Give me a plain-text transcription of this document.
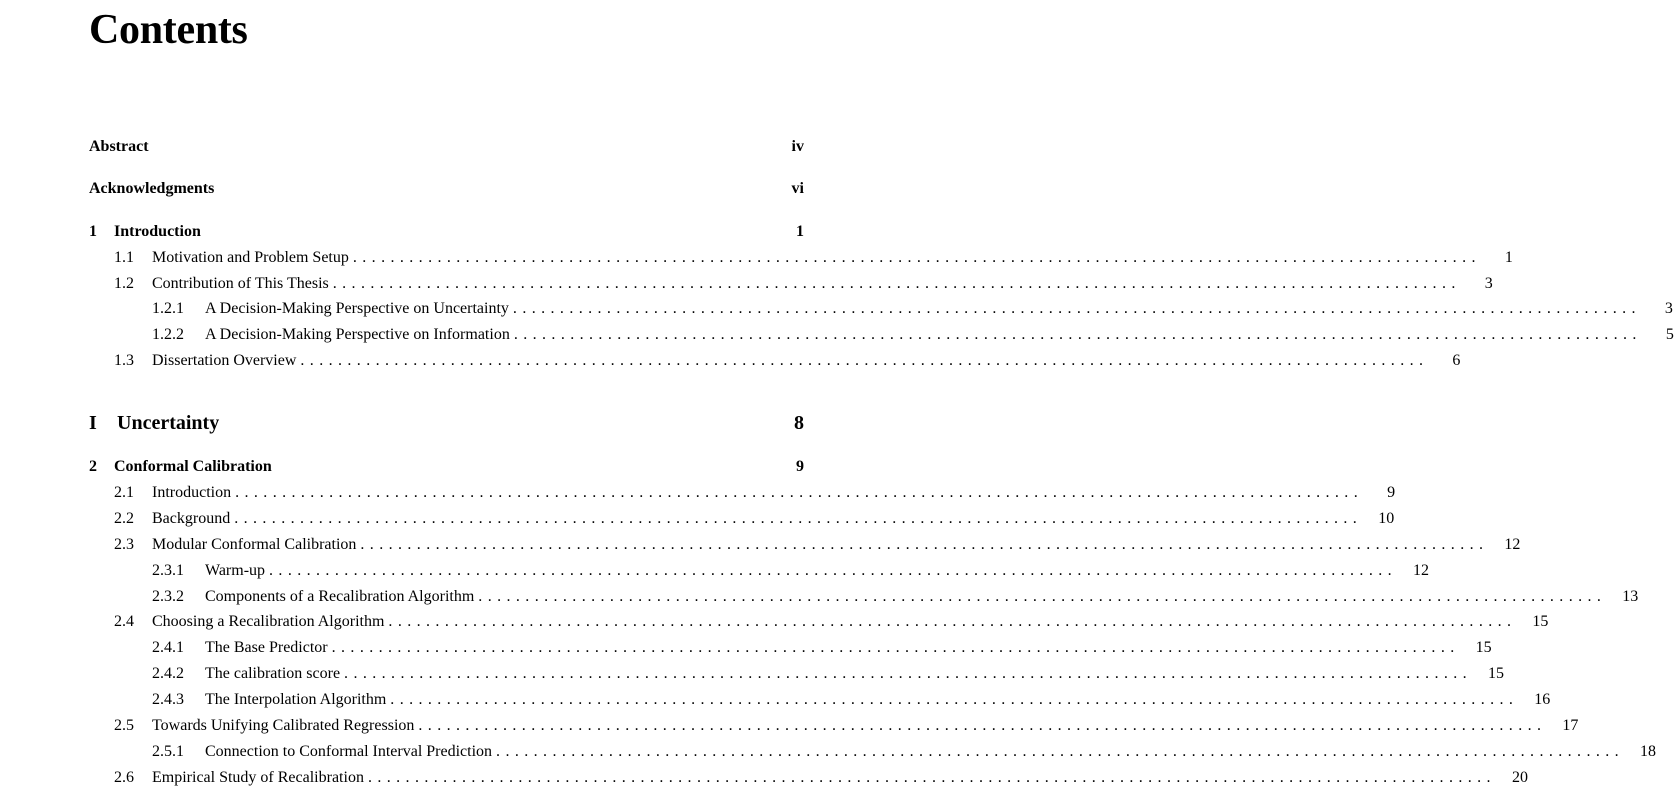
Contents
Abstract	iv
Acknowledgments	vi
1	Introduction	1
1.1	Motivation and Problem Setup ........................................................................................................................	1
1.2	Contribution of This Thesis ........................................................................................................................	3
1.2.1	A Decision-Making Perspective on Uncertainty ........................................................................................................................	3
1.2.2	A Decision-Making Perspective on Information ........................................................................................................................	5
1.3	Dissertation Overview ........................................................................................................................	6
I	Uncertainty	8
2	Conformal Calibration	9
2.1	Introduction ........................................................................................................................	9
2.2	Background ........................................................................................................................	10
2.3	Modular Conformal Calibration ........................................................................................................................	12
2.3.1	Warm-up ........................................................................................................................	12
2.3.2	Components of a Recalibration Algorithm ........................................................................................................................	13
2.4	Choosing a Recalibration Algorithm ........................................................................................................................	15
2.4.1	The Base Predictor ........................................................................................................................	15
2.4.2	The calibration score ........................................................................................................................	15
2.4.3	The Interpolation Algorithm ........................................................................................................................	16
2.5	Towards Unifying Calibrated Regression ........................................................................................................................	17
2.5.1	Connection to Conformal Interval Prediction ........................................................................................................................	18
2.6	Empirical Study of Recalibration ........................................................................................................................	20
